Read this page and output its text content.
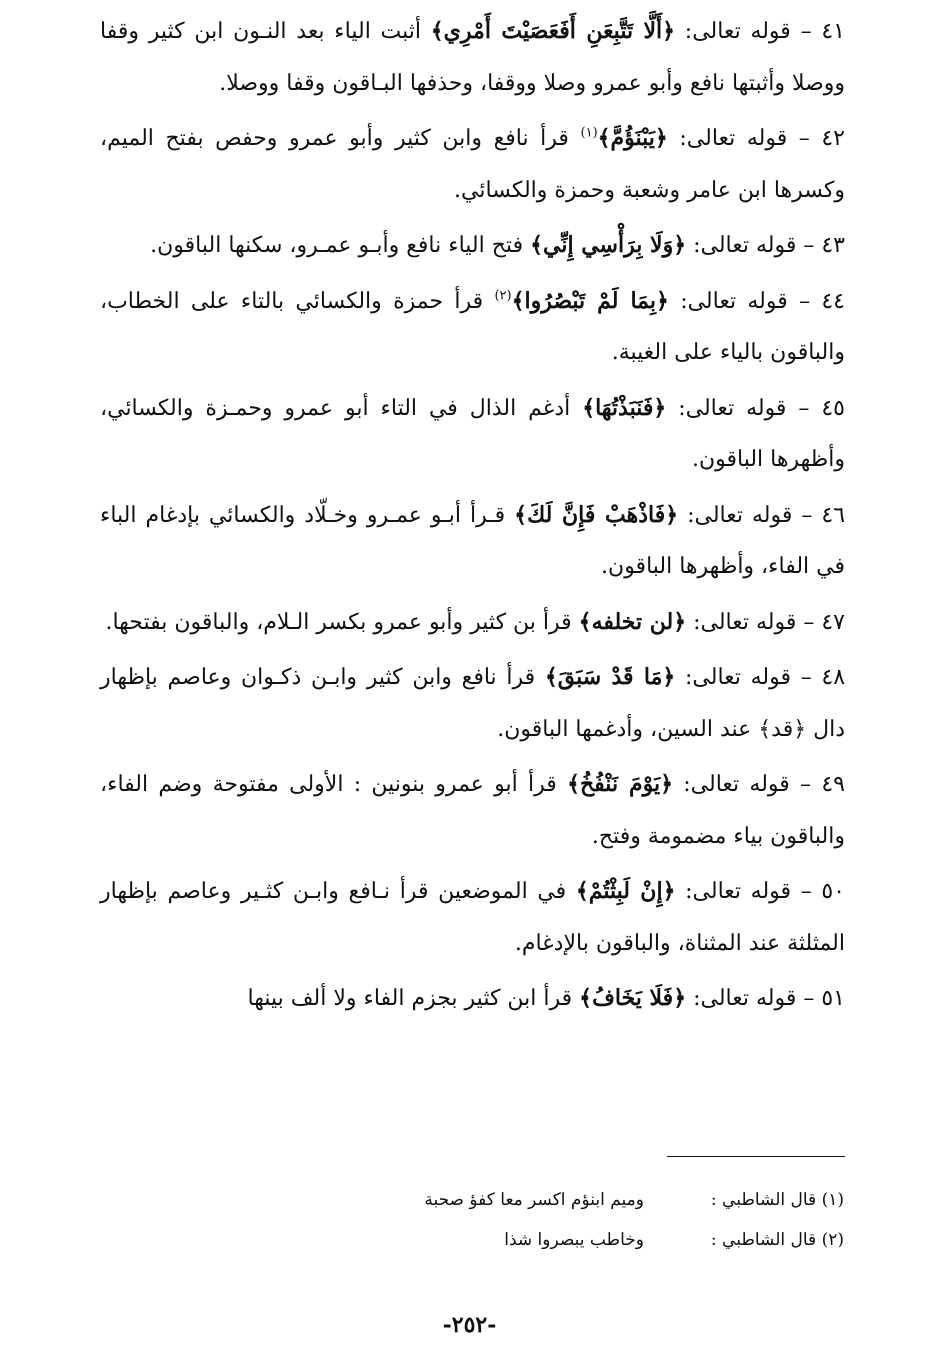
٤١ – قوله تعالى: ﴿أَلَّا تَتَّبِعَنِ أَفَعَصَيْتَ أَمْرِي﴾ أثبت الياء بعد النـون ابن كثير وقفا ووصلا وأثبتها نافع وأبو عمرو وصلا ووقفا، وحذفها البـاقون وقفا ووصلا.

٤٢ – قوله تعالى: ﴿يَبْنَؤُمَّ﴾$^{(١)}$ قرأ نافع وابن كثير وأبو عمرو وحفص بفتح الميم، وكسرها ابن عامر وشعبة وحمزة والكسائي.

٤٣ – قوله تعالى: ﴿وَلَا بِرَأْسِي إِنِّي﴾ فتح الياء نافع وأبـو عمـرو، سكنها الباقون.

٤٤ – قوله تعالى: ﴿بِمَا لَمْ تَبْصُرُوا﴾$^{(٢)}$ قرأ حمزة والكسائي بالتاء على الخطاب، والباقون بالياء على الغيبة.

٤٥ – قوله تعالى: ﴿فَنَبَذْتُهَا﴾ أدغم الذال في التاء أبو عمرو وحمـزة والكسائي، وأظهرها الباقون.

٤٦ – قوله تعالى: ﴿فَاذْهَبْ فَإِنَّ لَكَ﴾ قـرأ أبـو عمـرو وخـلّاد والكسائي بإدغام الباء في الفاء، وأظهرها الباقون.

٤٧ – قوله تعالى: ﴿لن تخلفه﴾ قرأ بن كثير وأبو عمرو بكسر الـلام، والباقون بفتحها.

٤٨ – قوله تعالى: ﴿مَا قَدْ سَبَقَ﴾ قرأ نافع وابن كثير وابـن ذكـوان وعاصم بإظهار دال ﴿قد﴾ عند السين، وأدغمها الباقون.

٤٩ – قوله تعالى: ﴿يَوْمَ نَنْفُخُ﴾ قرأ أبو عمرو بنونين : الأولى مفتوحة وضم الفاء، والباقون بياء مضمومة وفتح.

٥٠ – قوله تعالى: ﴿إِنْ لَبِثْتُمْ﴾ في الموضعين قرأ نـافع وابـن كثـير وعاصم بإظهار المثلثة عند المثناة، والباقون بالإدغام.

٥١ – قوله تعالى: ﴿فَلَا يَخَافُ﴾ قرأ ابن كثير بجزم الفاء ولا ألف بينها

(١) قال الشاطبي :
وميم ابنؤم اكسر معا كفؤ صحبة
(٢) قال الشاطبي :
وخاطب يبصروا شذا
-٢٥٢-
